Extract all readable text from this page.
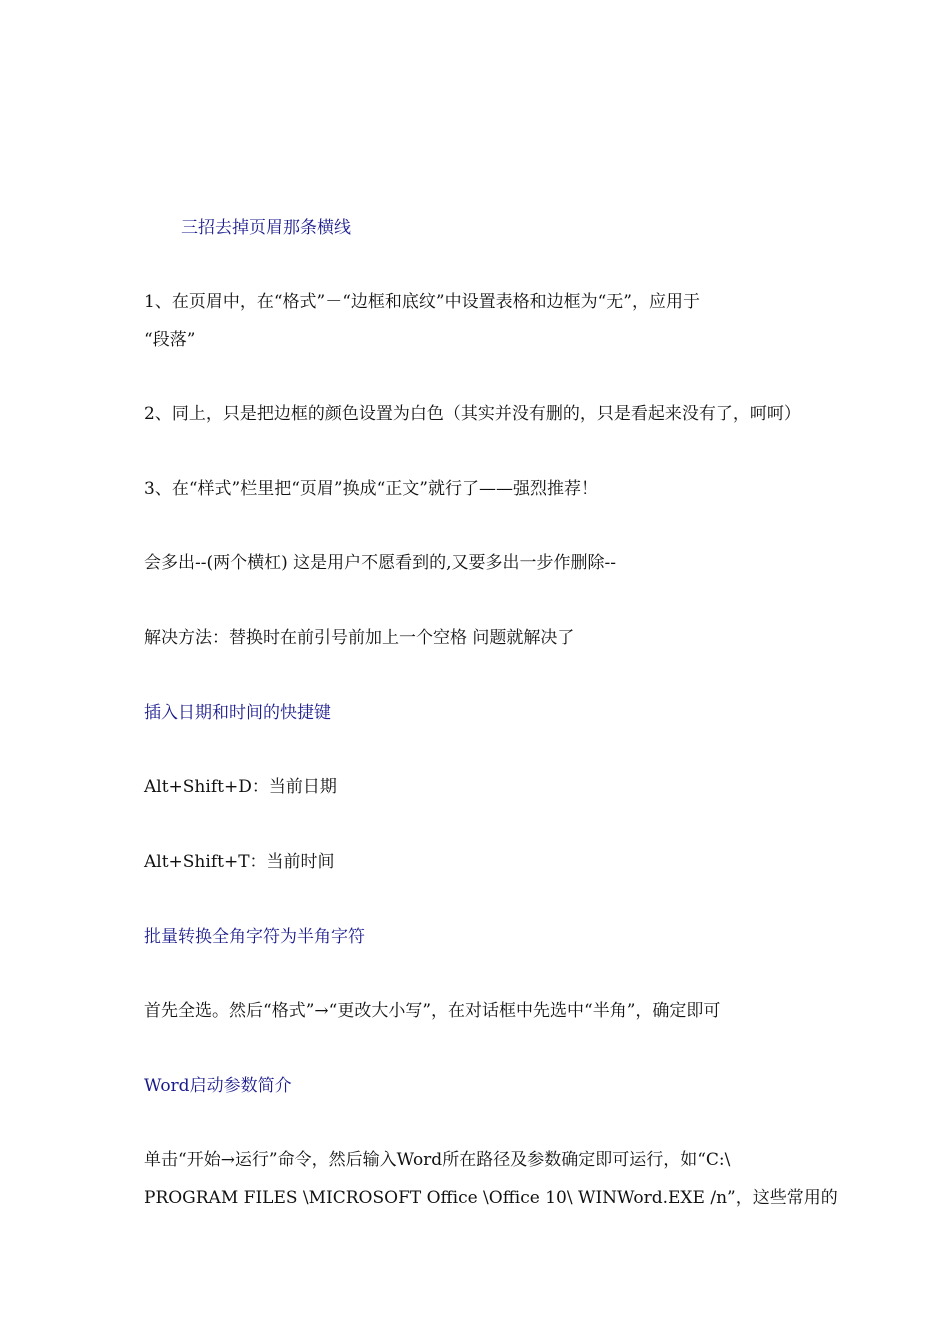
三招去掉页眉那条横线
1、在页眉中，在“格式”－“边框和底纹”中设置表格和边框为“无”，应用于
“段落”
2、同上，只是把边框的颜色设置为白色（其实并没有删的，只是看起来没有了，呵呵）
3、在“样式”栏里把“页眉”换成“正文”就行了——强烈推荐！
会多出--(两个横杠) 这是用户不愿看到的,又要多出一步作删除--
解决方法：替换时在前引号前加上一个空格 问题就解决了
插入日期和时间的快捷键
Alt+Shift+D：当前日期
Alt+Shift+T：当前时间
批量转换全角字符为半角字符
首先全选。然后“格式”→“更改大小写”，在对话框中先选中“半角”，确定即可
Word启动参数简介
单击“开始→运行”命令，然后输入Word所在路径及参数确定即可运行，如“C:\
PROGRAM FILES \MICROSOFT Office \Office 10\ WINWord.EXE /n”，这些常用的
